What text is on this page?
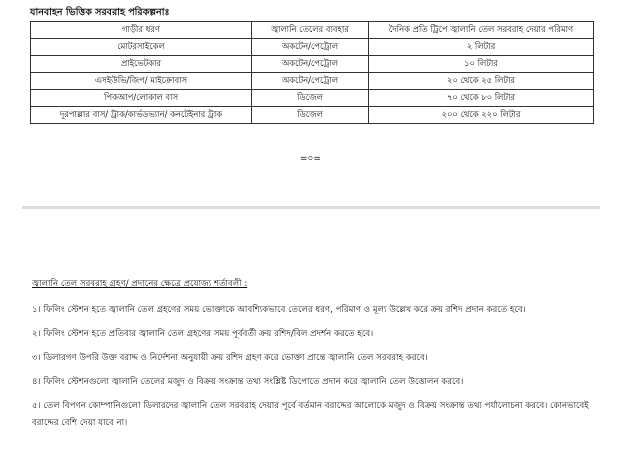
যানবাহন ভিত্তিক সরবরাহ পরিকল্পনাঃ
গাড়ীর ধরণ	জ্বালানি তেলের ব্যবহার	দৈনিক প্রতি ট্রিপে জ্বালানি তেল সরবরাহ দেয়ার পরিমাণ
মোটরসাইকেল	অকটেন/পেট্রোল	২ লিটার
প্রাইভেটকার	অকটেন/পেট্রোল	১০ লিটার
এসইউভি/জিপ/ মাইক্রোবাস	অকটেন/পেট্রোল	২০ থেকে ২৫ লিটার
পিকআপ/লোকাল বাস	ডিজেল	৭০ থেকে ৮০ লিটার
দূরপাল্লার বাস/ ট্রাক/কার্ভডভ্যান/ কনটেইনার ট্রাক	ডিজেল	২০০ থেকে ২২০ লিটার
=০=
জ্বালানি তেল সরবরাহ গ্রহণ/ প্রদানের ক্ষেত্রে প্রযোজ্য শর্তাবলী :
১। ফিলিং স্টেশন হতে জ্বালানি তেল গ্রহণের সময় ভোক্তাকে আবশ্যিকভাবে তেলের ধরণ, পরিমাণ ও মূল্য উল্লেখ করে ক্রয় রশিদ প্রদান করতে হবে।
২। ফিলিং স্টেশন হতে প্রতিবার জ্বালানি তেল গ্রহণের সময় পূর্ববর্তী ক্রয় রশিদ/বিল প্রদর্শন করতে হবে।
৩। ডিলারগণ উপরি উক্ত বরাদ্দ ও নির্দেশনা অনুযায়ী ক্রয় রশিদ গ্রহণ করে ভোক্তা প্রান্তে জ্বালানি তেল সরবরাহ করবে।
৪। ফিলিং স্টেশনগুলো জ্বালানি তেলের মজুদ ও বিক্রয় সংক্রান্ত তথ্য সংশ্লিষ্ট ডিপোতে প্রদান করে জ্বালানি তেল উত্তোলন করবে।
৫। তেল বিপণন কোম্পানিগুলো ডিলারদের জ্বালানি তেল সরবরাহ দেয়ার পূর্বে বর্তমান বরাদ্দের আলোকে মজুদ ও বিক্রয় সংক্রান্ত তথ্য পর্যালোচনা করবে। কোনভাবেই বরাদ্দের বেশি দেয়া যাবে না।
